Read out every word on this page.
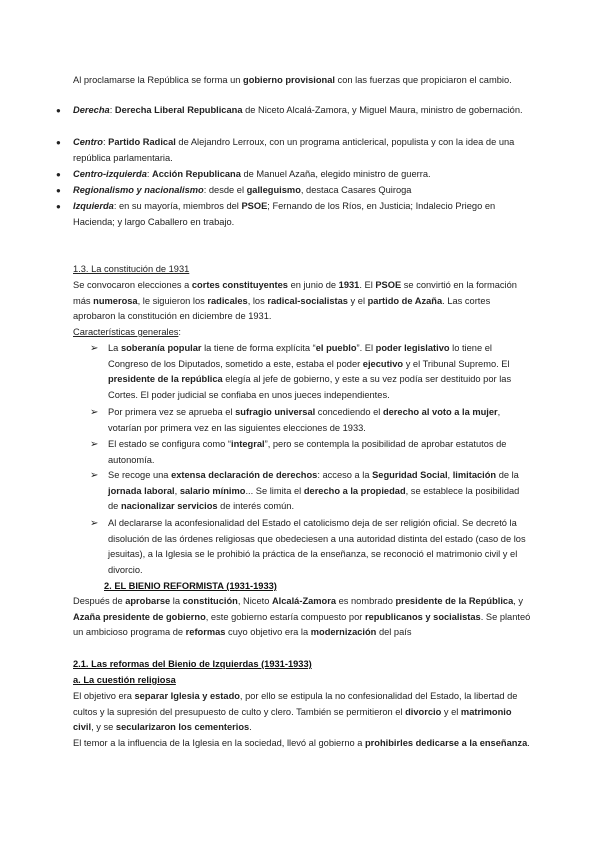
Al proclamarse la República se forma un gobierno provisional con las fuerzas que propiciaron el cambio.

● Derecha: Derecha Liberal Republicana de Niceto Alcalá-Zamora, y Miguel Maura, ministro de gobernación.

● Centro: Partido Radical de Alejandro Lerroux, con un programa anticlerical, populista y con la idea de una república parlamentaria.

● Centro-izquierda: Acción Republicana de Manuel Azaña, elegido ministro de guerra.

● Regionalismo y nacionalismo: desde el galleguismo, destaca Casares Quiroga

● Izquierda: en su mayoría, miembros del PSOE; Fernando de los Ríos, en Justicia; Indalecio Priego en Hacienda; y largo Caballero en trabajo.

1.3. La constitución de 1931

Se convocaron elecciones a cortes constituyentes en junio de 1931. El PSOE se convirtió en la formación más numerosa, le siguieron los radicales, los radical-socialistas y el partido de Azaña. Las cortes aprobaron la constitución en diciembre de 1931.

Características generales:

➢ La soberanía popular la tiene de forma explícita “el pueblo”. El poder legislativo lo tiene el Congreso de los Diputados, sometido a este, estaba el poder ejecutivo y el Tribunal Supremo. El presidente de la república elegía al jefe de gobierno, y este a su vez podía ser destituido por las Cortes. El poder judicial se confiaba en unos jueces independientes.

➢ Por primera vez se aprueba el sufragio universal concediendo el derecho al voto a la mujer, votarían por primera vez en las siguientes elecciones de 1933.

➢ El estado se configura como “integral”, pero se contempla la posibilidad de aprobar estatutos de autonomía.

➢ Se recoge una extensa declaración de derechos: acceso a la Seguridad Social, limitación de la jornada laboral, salario mínimo... Se limita el derecho a la propiedad, se establece la posibilidad de nacionalizar servicios de interés común.

➢ Al declararse la aconfesionalidad del Estado el catolicismo deja de ser religión oficial. Se decretó la disolución de las órdenes religiosas que obedeciesen a una autoridad distinta del estado (caso de los jesuitas), a la Iglesia se le prohibió la práctica de la enseñanza, se reconoció el matrimonio civil y el divorcio.

2. EL BIENIO REFORMISTA (1931-1933)

Después de aprobarse la constitución, Niceto Alcalá-Zamora es nombrado presidente de la República, y Azaña presidente de gobierno, este gobierno estaría compuesto por republicanos y socialistas. Se planteó un ambicioso programa de reformas cuyo objetivo era la modernización del país

2.1. Las reformas del Bienio de Izquierdas (1931-1933)

a. La cuestión religiosa

El objetivo era separar Iglesia y estado, por ello se estipula la no confesionalidad del Estado, la libertad de cultos y la supresión del presupuesto de culto y clero. También se permitieron el divorcio y el matrimonio civil, y se secularizaron los cementerios.

El temor a la influencia de la Iglesia en la sociedad, llevó al gobierno a prohibirles dedicarse a la enseñanza.
